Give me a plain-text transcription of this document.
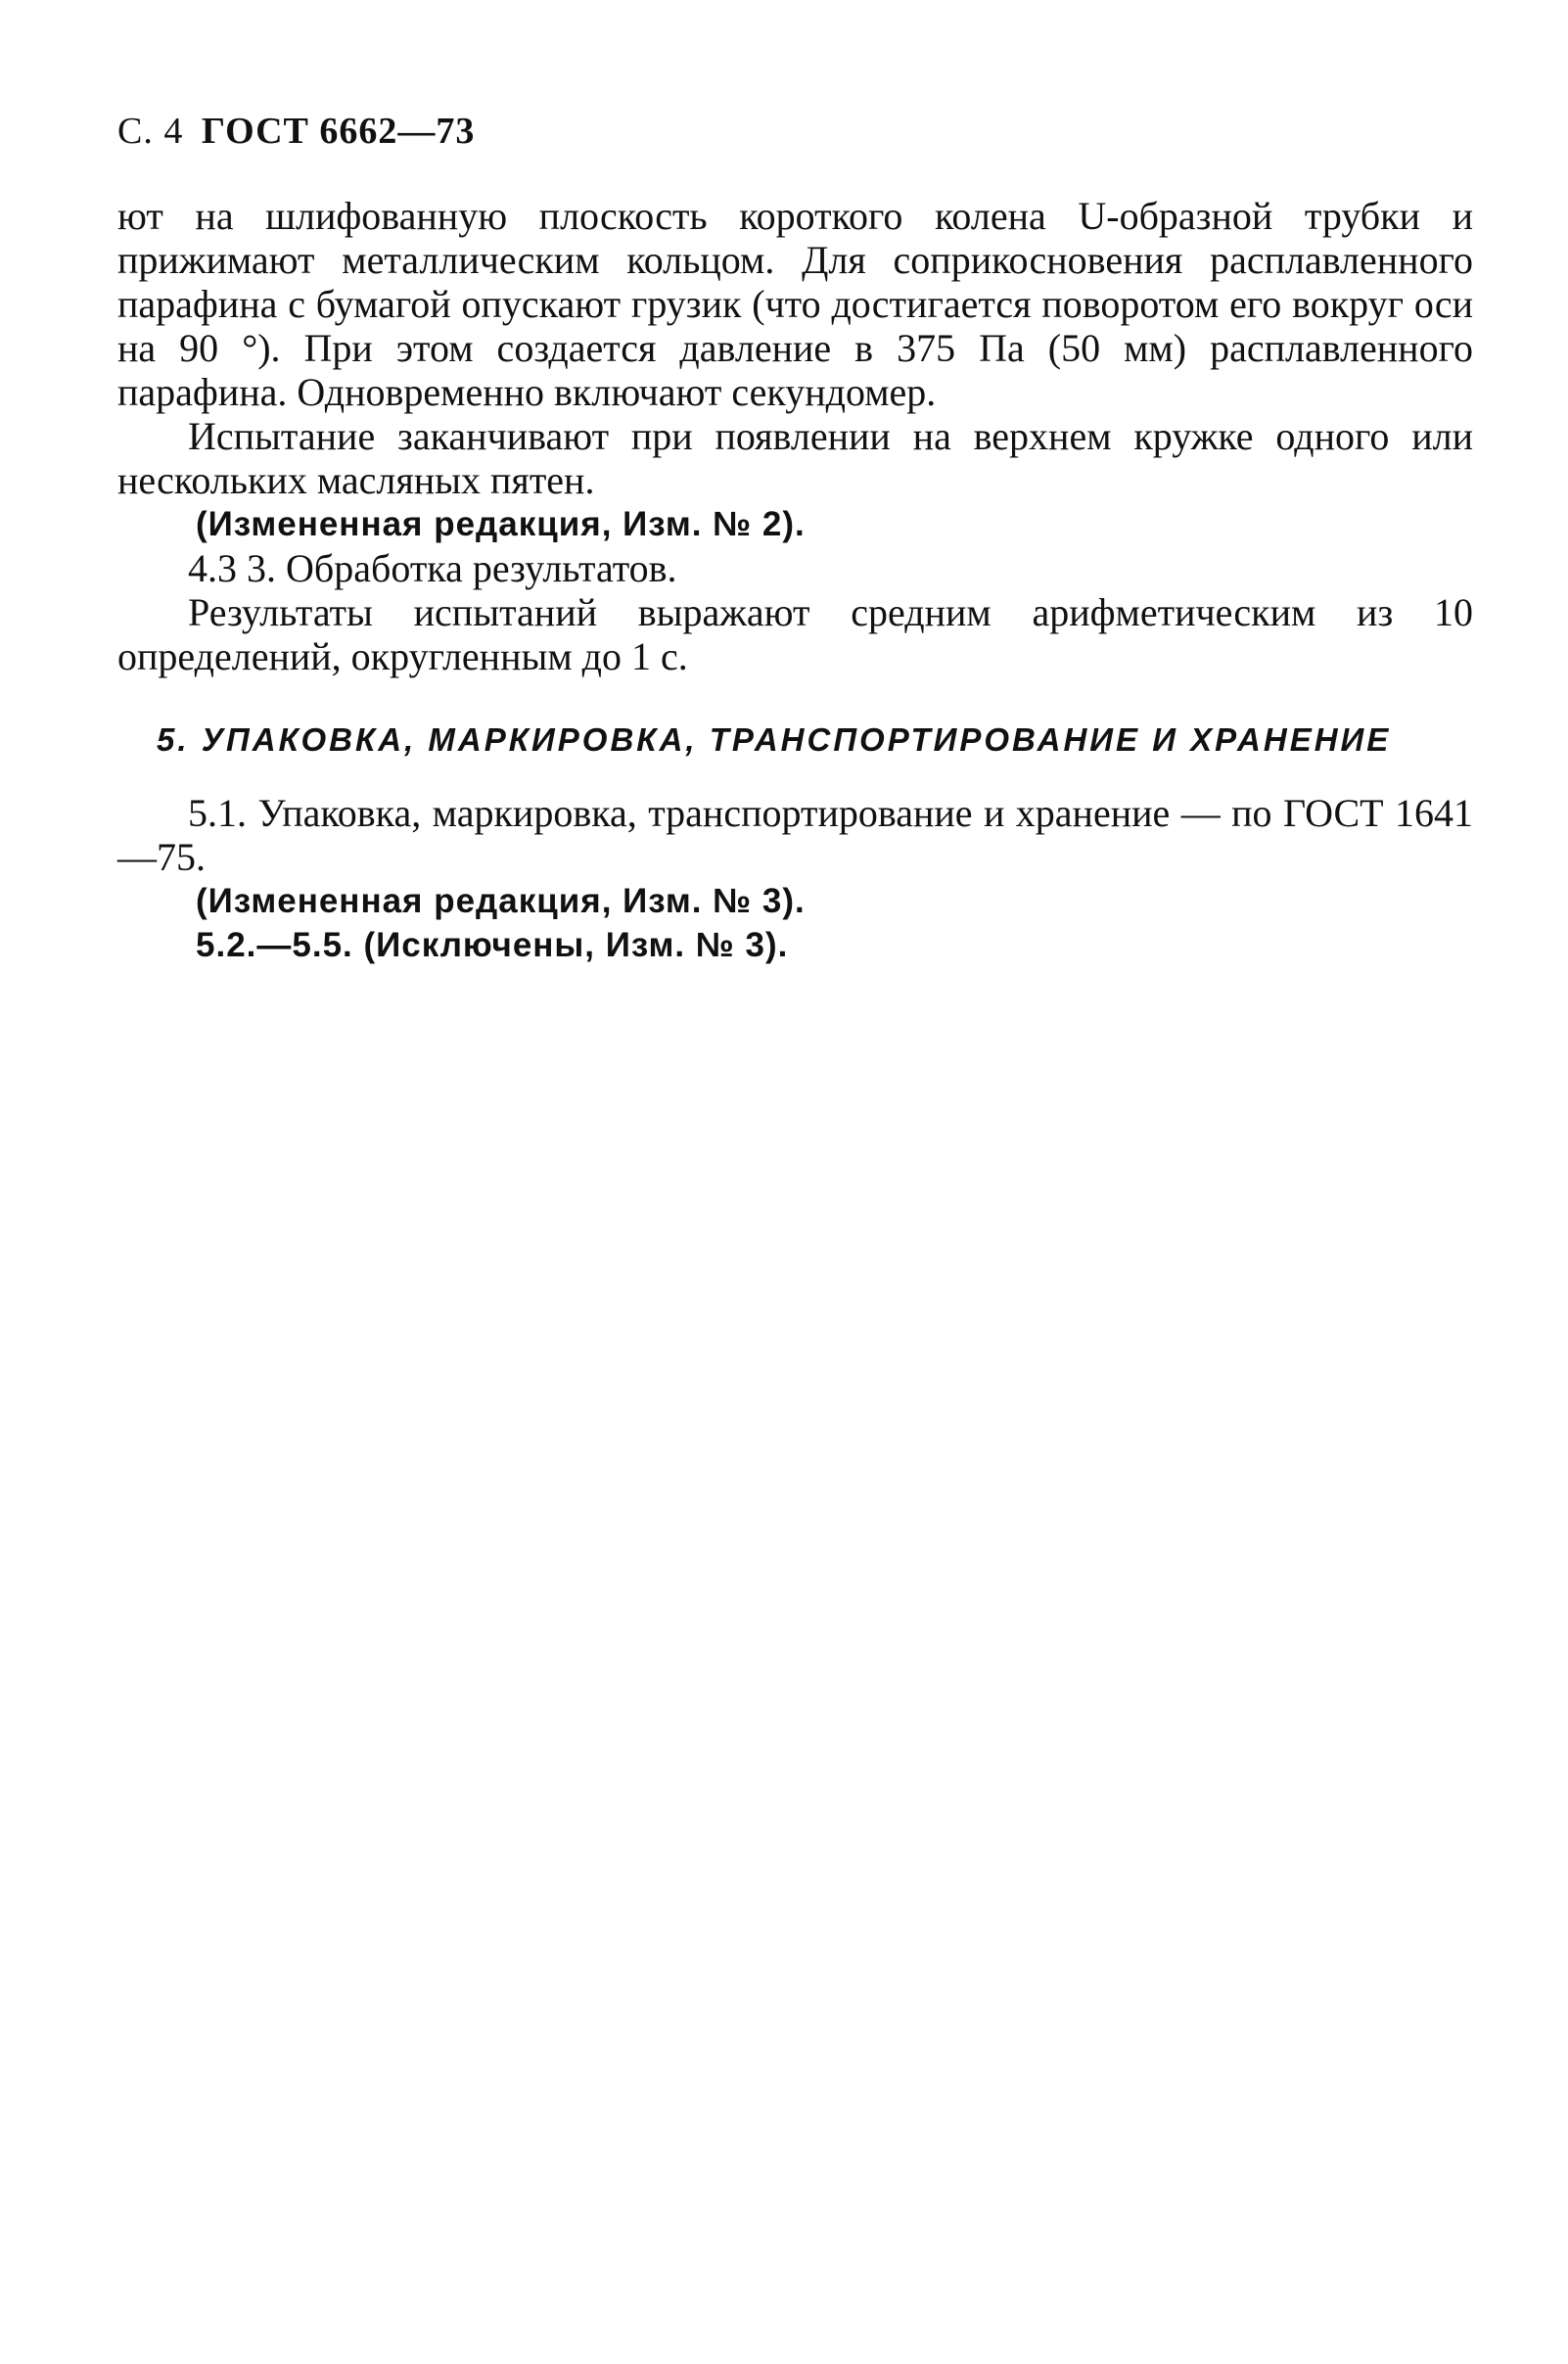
С. 4 ГОСТ 6662—73

ют на шлифованную плоскость короткого колена U-образной трубки и прижимают металлическим кольцом. Для соприкосновения расплавленного парафина с бумагой опускают грузик (что достигается поворотом его вокруг оси на 90 °). При этом создается давление в 375 Па (50 мм) расплавленного парафина. Одновременно включают секундомер.

Испытание заканчивают при появлении на верхнем кружке одного или нескольких масляных пятен.

(Измененная редакция, Изм. № 2).

4.3 3. Обработка результатов.

Результаты испытаний выражают средним арифметическим из 10 определений, округленным до 1 с.

5. УПАКОВКА, МАРКИРОВКА, ТРАНСПОРТИРОВАНИЕ И ХРАНЕНИЕ

5.1. Упаковка, маркировка, транспортирование и хранение — по ГОСТ 1641—75.

(Измененная редакция, Изм. № 3).

5.2.—5.5. (Исключены, Изм. № 3).
